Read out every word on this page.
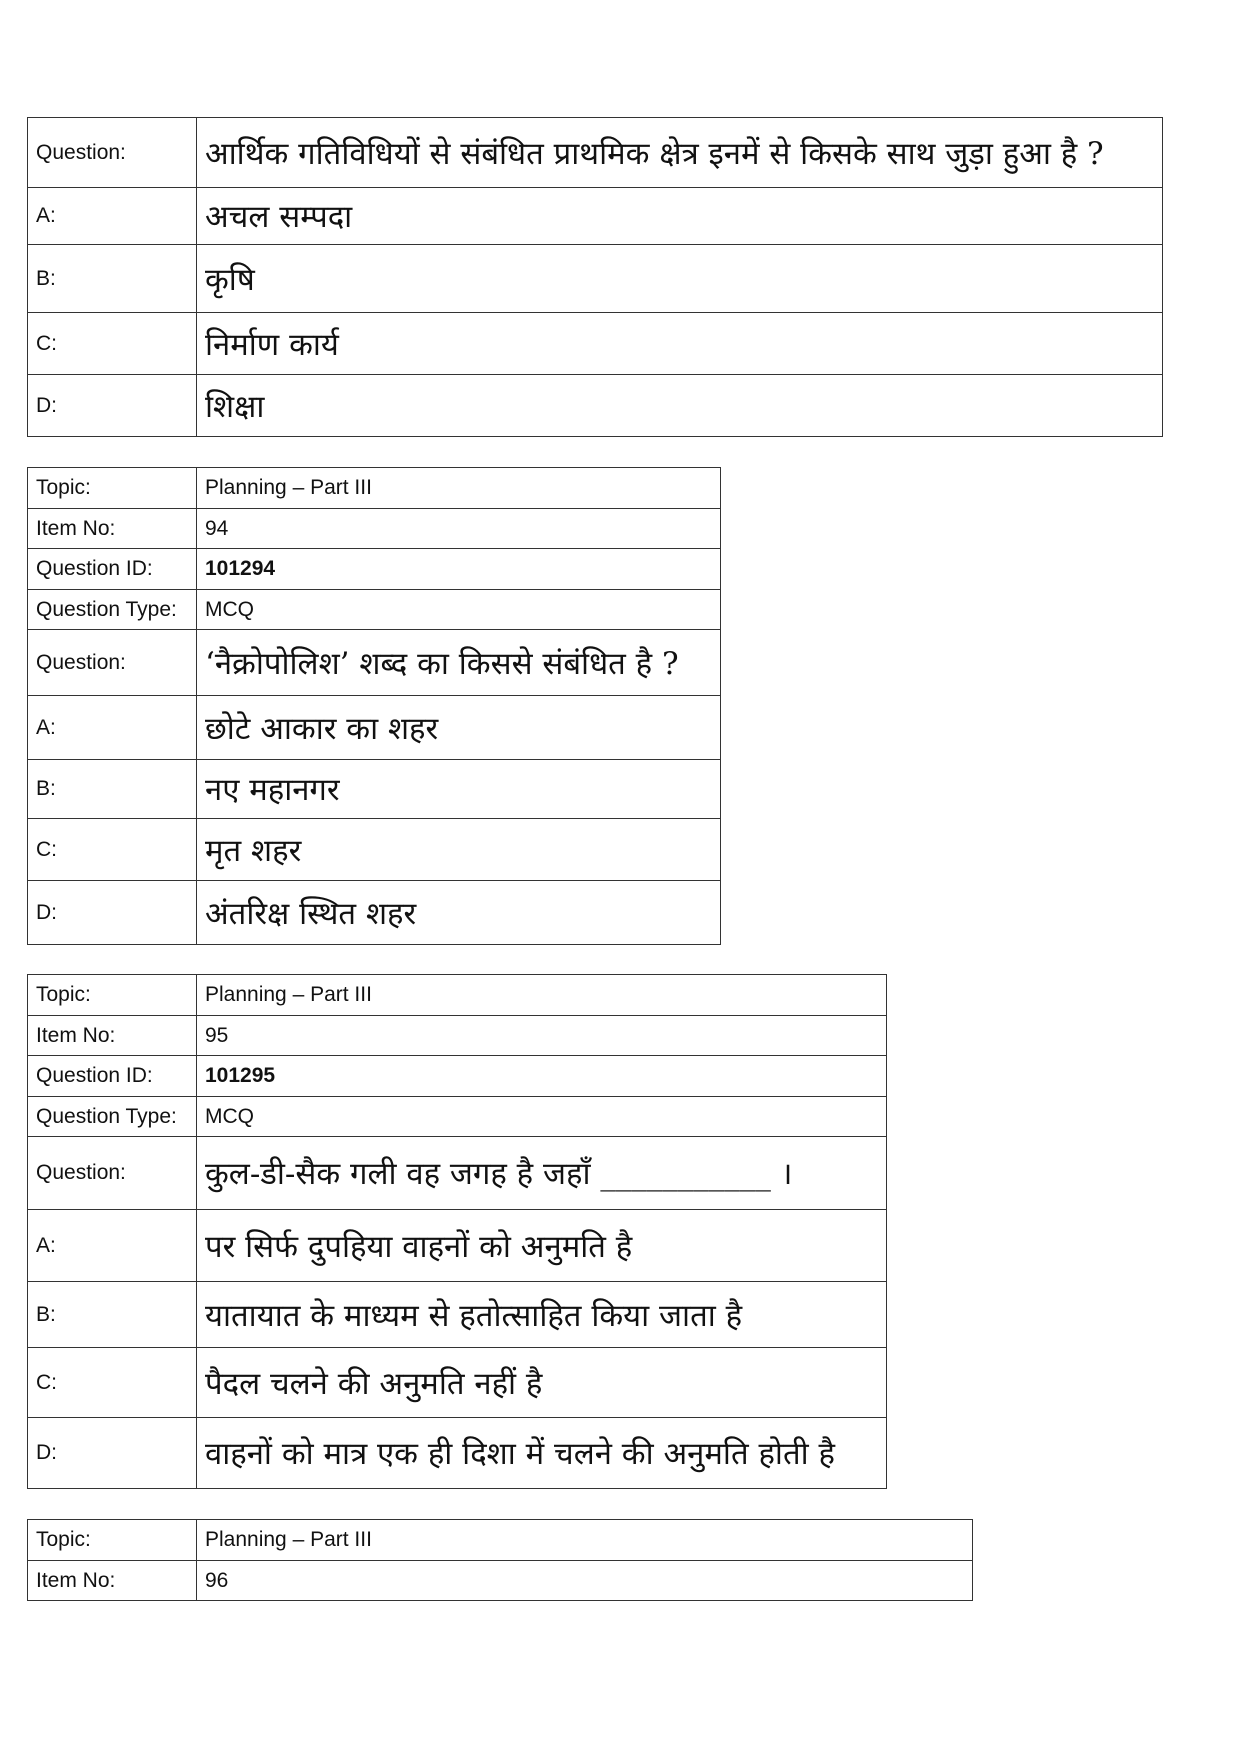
Question:	आर्थिक गतिविधियों से संबंधित प्राथमिक क्षेत्र इनमें से किसके साथ जुड़ा हुआ है ?
A:	अचल सम्पदा
B:	कृषि
C:	निर्माण कार्य
D:	शिक्षा
Topic:	Planning – Part III
Item No:	94
Question ID:	101294
Question Type:	MCQ
Question:	‘नैक्रोपोलिश’ शब्द का किससे संबंधित है ?
A:	छोटे आकार का शहर
B:	नए महानगर
C:	मृत शहर
D:	अंतरिक्ष स्थित शहर
Topic:	Planning – Part III
Item No:	95
Question ID:	101295
Question Type:	MCQ
Question:	कुल-डी-सैक गली वह जगह है जहाँ ___________ ।
A:	पर सिर्फ दुपहिया वाहनों को अनुमति है
B:	यातायात के माध्यम से हतोत्साहित किया जाता है
C:	पैदल चलने की अनुमति नहीं है
D:	वाहनों को मात्र एक ही दिशा में चलने की अनुमति होती है
Topic:	Planning – Part III
Item No:	96
